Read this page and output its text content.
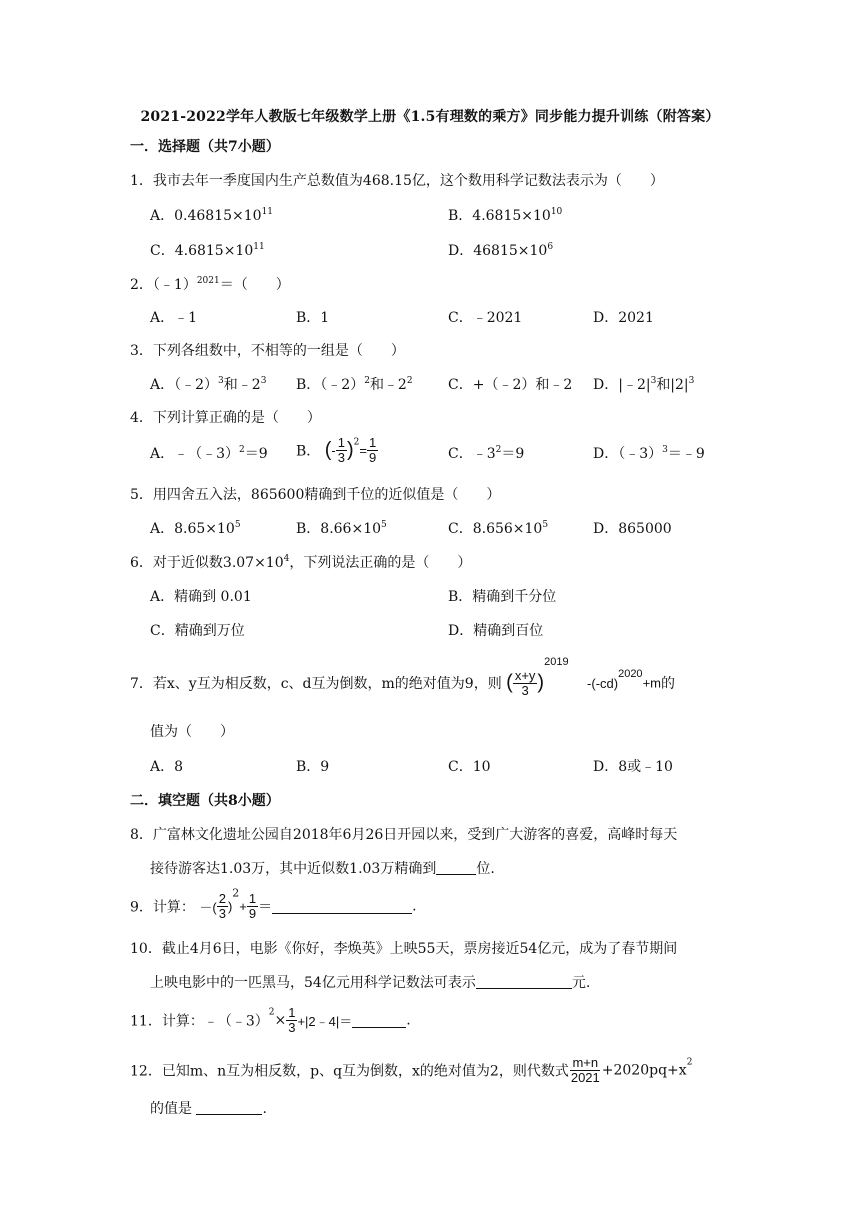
2021-2022学年人教版七年级数学上册《1.5有理数的乘方》同步能力提升训练（附答案）
一．选择题（共7小题）
1．我市去年一季度国内生产总数值为468.15亿，这个数用科学记数法表示为（　　）
A．$0.46815\times 10^{11}$	B．$4.6815\times 10^{10}$
C．$4.6815\times 10^{11}$	D．$46815\times 10^6$
2．（﹣1）$^{2021}$＝（　　）
A．﹣1	B．1	C．﹣2021	D．2021
3．下列各组数中，不相等的一组是（　　）
A．（﹣2）$^3$和$﹣2^3$ B．（﹣2）$^2$和$﹣2^2$	C．+（﹣2）和﹣2 D．$|﹣2|^3$和$|2|^3$
4．下列计算正确的是（　　）
A．﹣（﹣3）$^2$＝9 B． (- $\frac{1}{3} )^2= \frac{1}{9}$	C．$﹣3^2=9$	D．（﹣3）$^3$＝﹣9
5．用四舍五入法，865600精确到千位的近似值是（　　）
A．$8.65\times 10^5$	B．$8.66\times 10^5$	C．$8.656\times 10^5$	D．865000
6．对于近似数$3.07\times 10^4$，下列说法正确的是（　　）
A．精确到 0.01	B．精确到千分位
C．精确到万位	D．精确到百位
7．若x、y互为相反数，c、d互为倒数，m的绝对值为9，则 ( $\frac{x+y}{3} )^{2019}$ $-(-cd)^{2020}+m$的
值为（　　）
A．8	B．9	C．10	D．8或﹣10
二．填空题（共8小题）
8．广富林文化遗址公园自2018年6月26日开园以来，受到广大游客的喜爱，高峰时每天
接待游客达1.03万，其中近似数1.03万精确到	位.
9．计算： －( $\frac{2}{3} )^2+ \frac{1}{9}$ ＝	.
10．截止4月6日，电影《你好，李焕英》上映55天，票房接近54亿元，成为了春节期间
上映电影中的一匹黑马，54亿元用科学记数法可表示	元.
11．计算：﹣（﹣3）$^2$× $\frac{1}{3}$ +|2﹣4|＝	.
12．已知m、n互为相反数，p、q互为倒数，x的绝对值为2，则代数式 $\frac{m+n}{2021} +2020pq+x^2$
的值是	.
